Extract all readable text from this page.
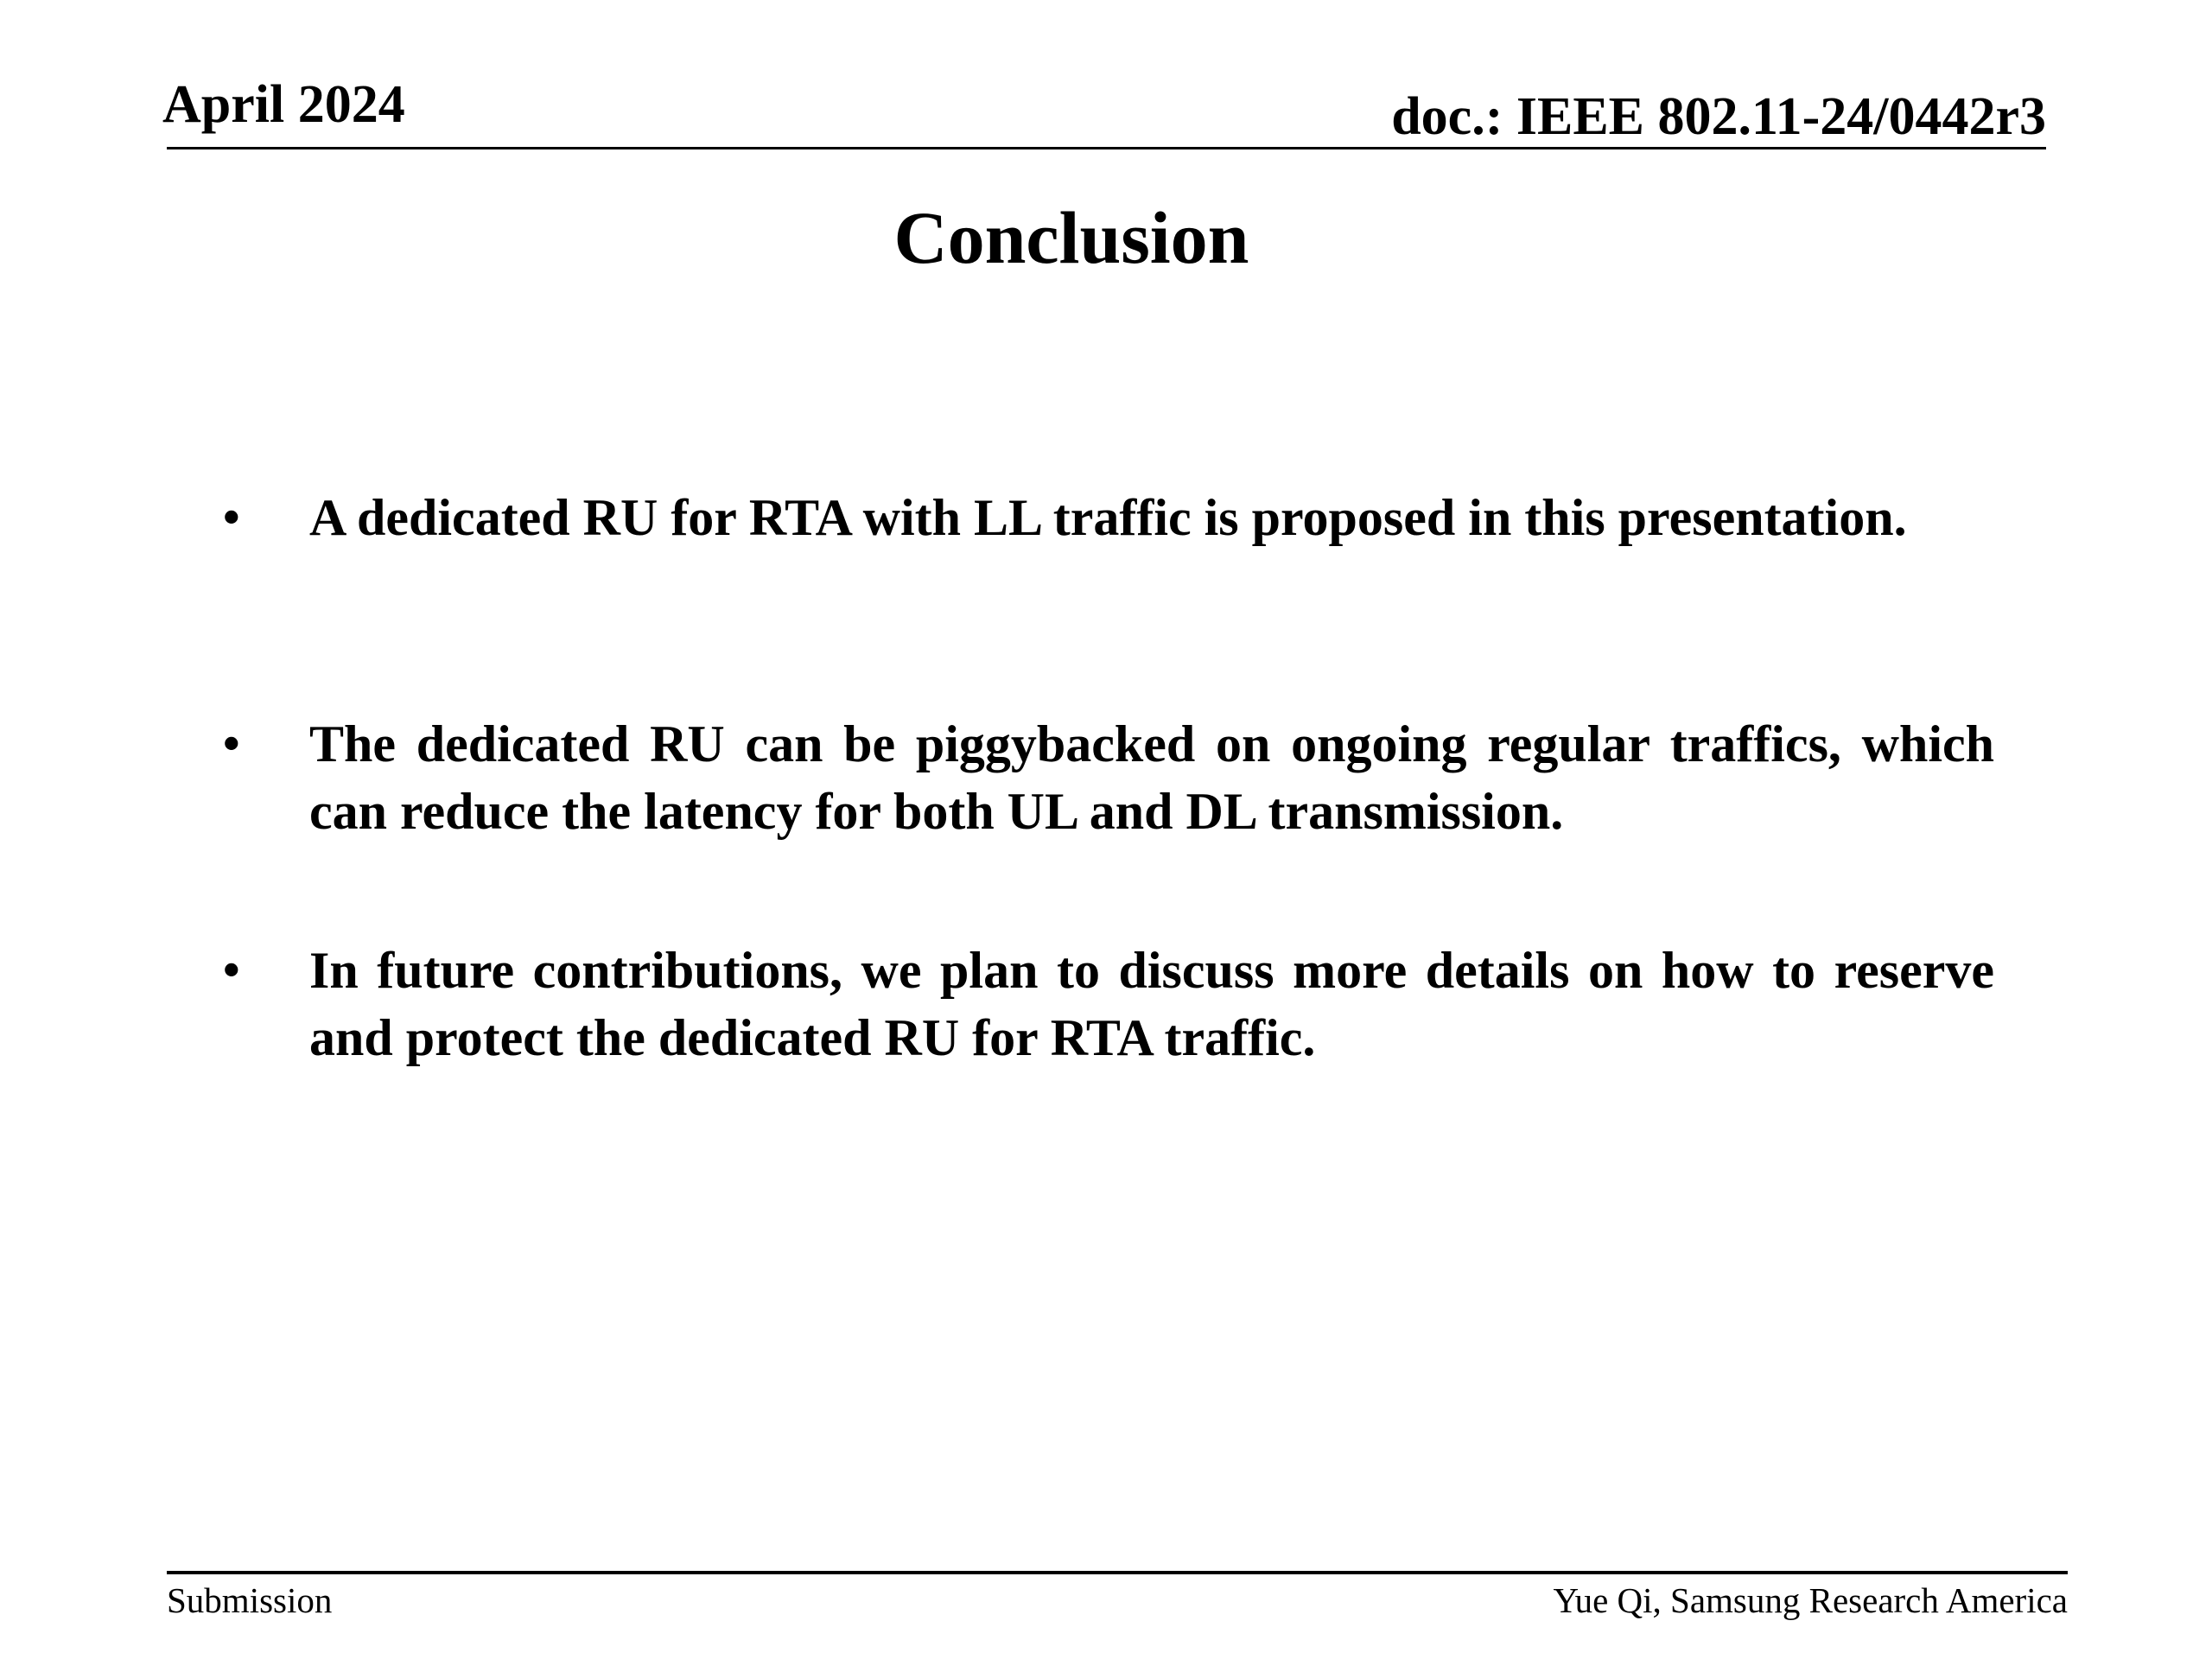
April 2024	doc.: IEEE 802.11-24/0442r3
Conclusion
• A dedicated RU for RTA with LL traffic is proposed in this presentation.
• The dedicated RU can be piggybacked on ongoing regular traffics, which can reduce the latency for both UL and DL transmission.
• In future contributions, we plan to discuss more details on how to reserve and protect the dedicated RU for RTA traffic.
Submission	Yue Qi, Samsung Research America
